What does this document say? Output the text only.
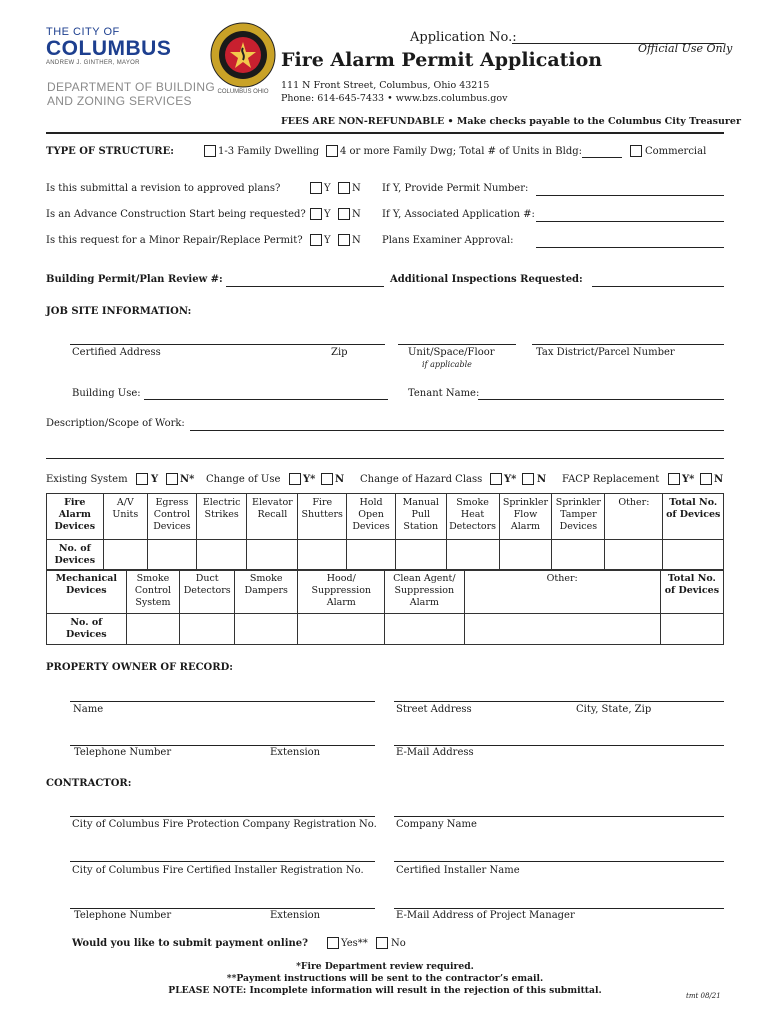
THE CITY OF
COLUMBUS
ANDREW J. GINTHER, MAYOR
DEPARTMENT OF BUILDING
AND ZONING SERVICES
COLUMBUS OHIO
Application No.:
Official Use Only
Fire Alarm Permit Application
111 N Front Street, Columbus, Ohio 43215
Phone: 614-645-7433 • www.bzs.columbus.gov
FEES ARE NON-REFUNDABLE • Make checks payable to the Columbus City Treasurer
TYPE OF STRUCTURE:	1-3 Family Dwelling 4 or more Family Dwg; Total # of Units in Bldg:	Commercial
Is this submittal a revision to approved plans?	Y N If Y, Provide Permit Number:
Is an Advance Construction Start being requested? Y N If Y, Associated Application #:
Is this request for a Minor Repair/Replace Permit? Y N Plans Examiner Approval:
Building Permit/Plan Review #:	Additional Inspections Requested:
JOB SITE INFORMATION:
Certified Address	Zip	Unit/Space/Floor
if applicable
Tax District/Parcel Number
Building Use:	Tenant Name:
Description/Scope of Work:
Existing System Y N* Change of Use Y* N Change of Hazard Class Y* N FACP Replacement Y* N
Fire Alarm Devices	A/V Units	Egress Control Devices	Electric Strikes	Elevator Recall	Fire Shutters	Hold Open Devices	Manual Pull Station	Smoke Heat Detectors	Sprinkler Flow Alarm	Sprinkler Tamper Devices	Other:	Total No. of Devices
No. of Devices												
Mechanical Devices	Smoke Control System	Duct Detectors	Smoke Dampers	Hood/ Suppression Alarm	Clean Agent/ Suppression Alarm	Other:	Total No. of Devices
No. of Devices							
PROPERTY OWNER OF RECORD:
Name	Street Address	City, State, Zip
Telephone Number	Extension	E-Mail Address
CONTRACTOR:
City of Columbus Fire Protection Company Registration No. Company Name
City of Columbus Fire Certified Installer Registration No.	Certified Installer Name
Telephone Number	Extension	E-Mail Address of Project Manager
Would you like to submit payment online?	Yes** No
*Fire Department review required.
**Payment instructions will be sent to the contractor’s email.
PLEASE NOTE: Incomplete information will result in the rejection of this submittal.	tmt 08/21
